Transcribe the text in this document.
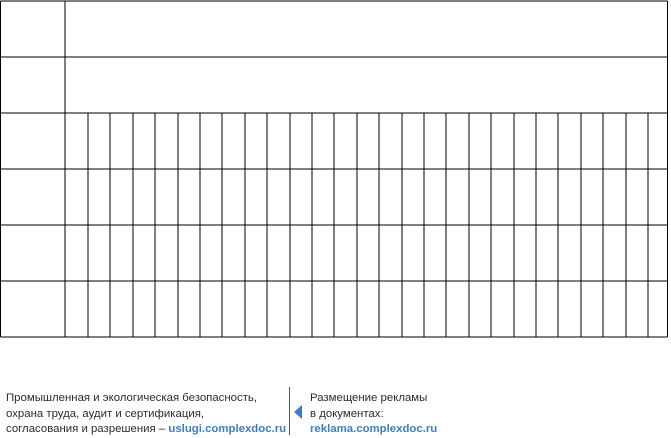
Промышленная и экологическая безопасность,
охрана труда, аудит и сертификация,
согласования и разрешения – uslugi.complexdoc.ru
Размещение рекламы
в документах:
reklama.complexdoc.ru
